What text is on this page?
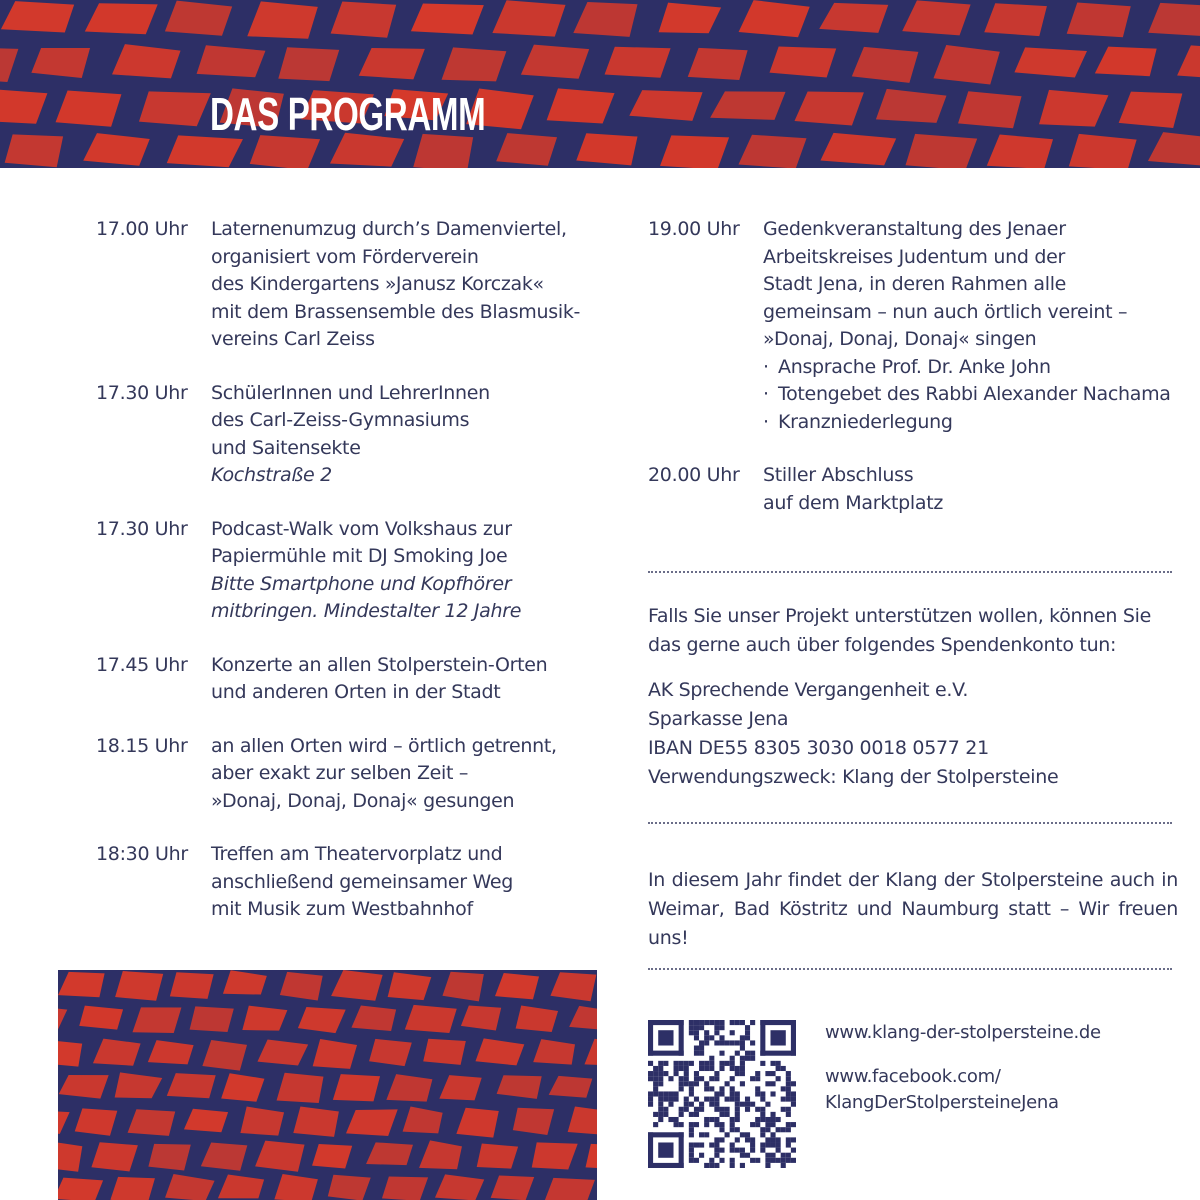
DAS PROGRAMM
17.00 Uhr	Laternenumzug durch’s Damenviertel,
organisiert vom Förderverein
des Kindergartens »Janusz Korczak«
mit dem Brassensemble des Blasmusik-
vereins Carl Zeiss
17.30 Uhr	SchülerInnen und LehrerInnen
des Carl-Zeiss-Gymnasiums
und Saitensekte
Kochstraße 2
17.30 Uhr	Podcast-Walk vom Volkshaus zur
Papiermühle mit DJ Smoking Joe
Bitte Smartphone und Kopfhörer
mitbringen. Mindestalter 12 Jahre
17.45 Uhr	Konzerte an allen Stolperstein-Orten
und anderen Orten in der Stadt
18.15 Uhr	an allen Orten wird – örtlich getrennt,
aber exakt zur selben Zeit –
»Donaj, Donaj, Donaj« gesungen
18:30 Uhr	Treffen am Theatervorplatz und
anschließend gemeinsamer Weg
mit Musik zum Westbahnhof
19.00 Uhr	Gedenkveranstaltung des Jenaer
Arbeitskreises Judentum und der
Stadt Jena, in deren Rahmen alle
gemeinsam – nun auch örtlich vereint –
»Donaj, Donaj, Donaj« singen
· Ansprache Prof. Dr. Anke John
· Totengebet des Rabbi Alexander Nachama
· Kranzniederlegung
20.00 Uhr	Stiller Abschluss
auf dem Marktplatz
Falls Sie unser Projekt unterstützen wollen, können Sie
das gerne auch über folgendes Spendenkonto tun:
AK Sprechende Vergangenheit e.V.
Sparkasse Jena
IBAN DE55 8305 3030 0018 0577 21
Verwendungszweck: Klang der Stolpersteine
In diesem Jahr findet der Klang der Stolpersteine auch in
Weimar, Bad Köstritz und Naumburg statt – Wir freuen uns!
www.klang-der-stolpersteine.de
www.facebook.com/
KlangDerStolpersteineJena
